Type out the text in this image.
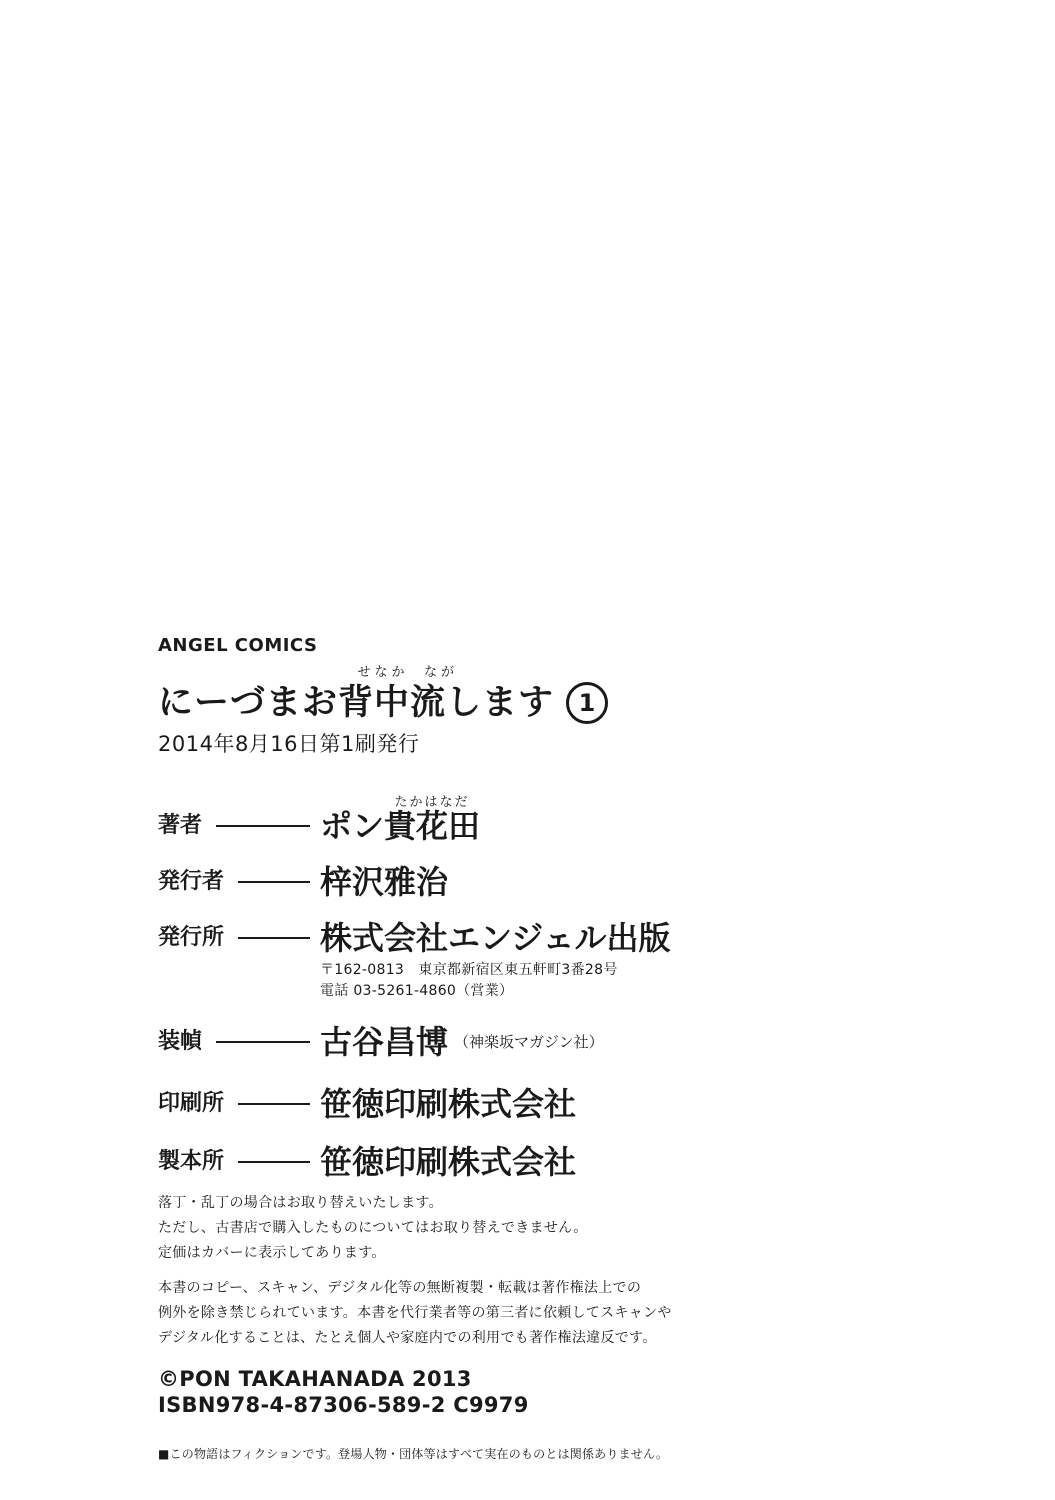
ANGEL COMICS
にーづまお背中流します
せなか	なが
1
2014年8月16日第1刷発行
著者	ポン貴花田
たかはなだ
発行者	梓沢雅治
発行所	株式会社エンジェル出版
〒162-0813　東京都新宿区東五軒町3番28号
電話 03-5261-4860（営業）
装幀	古谷昌博 （神楽坂マガジン社）
印刷所	笹徳印刷株式会社
製本所	笹徳印刷株式会社
落丁・乱丁の場合はお取り替えいたします。
ただし、古書店で購入したものについてはお取り替えできません。
定価はカバーに表示してあります。
本書のコピー、スキャン、デジタル化等の無断複製・転載は著作権法上での
例外を除き禁じられています。本書を代行業者等の第三者に依頼してスキャンや
デジタル化することは、たとえ個人や家庭内での利用でも著作権法違反です。
©PON TAKAHANADA 2013
ISBN978-4-87306-589-2 C9979
■この物語はフィクションです。登場人物・団体等はすべて実在のものとは関係ありません。
